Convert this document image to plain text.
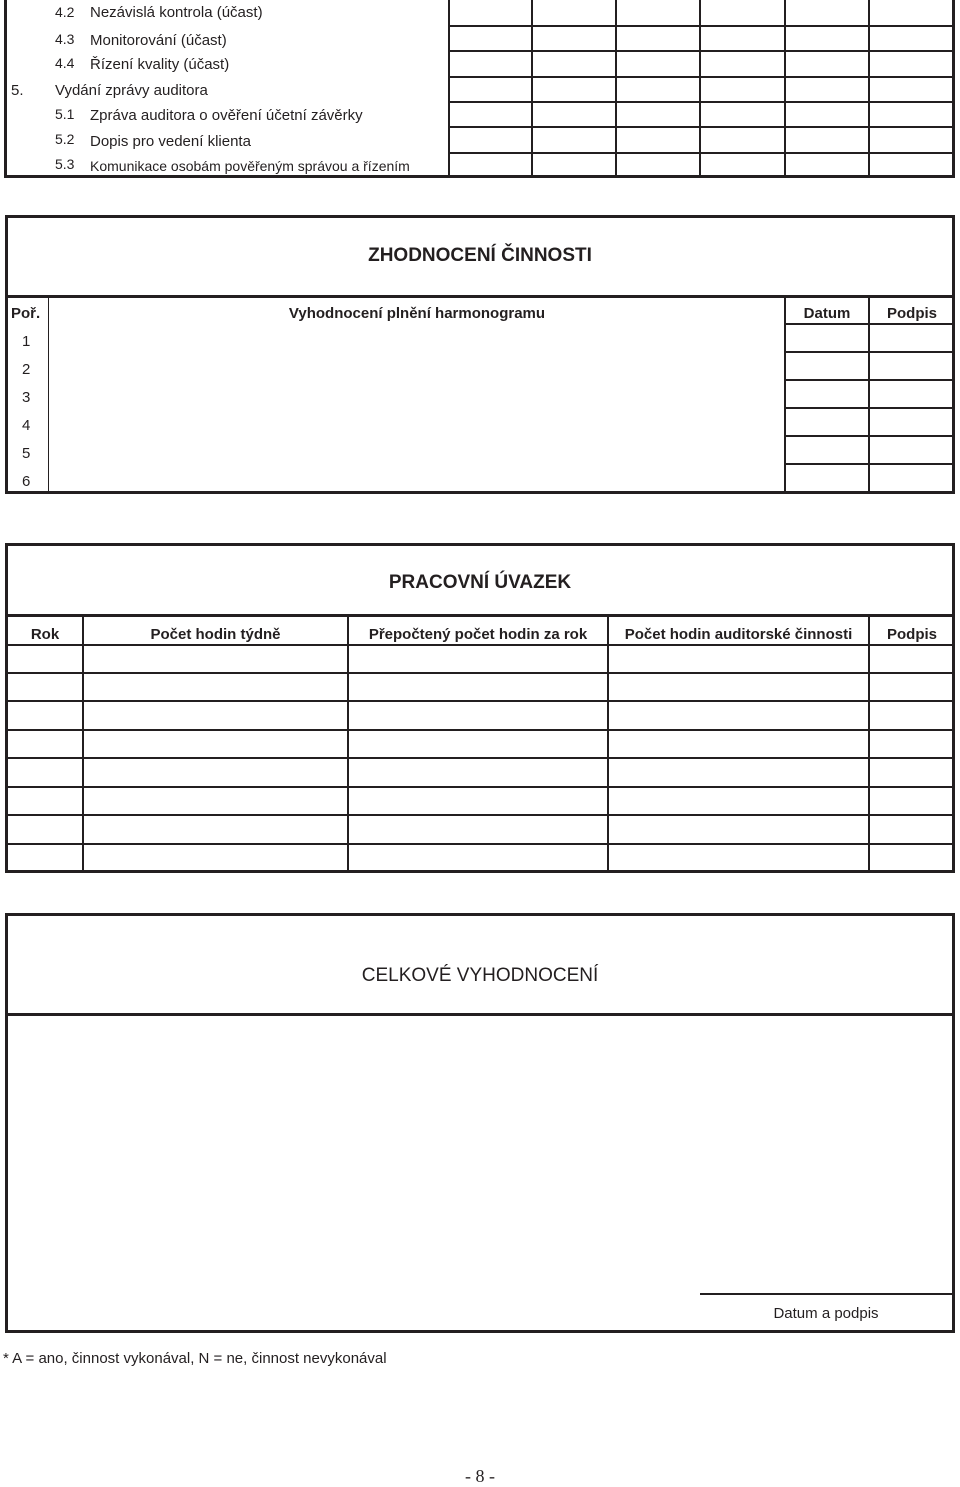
4.2 Nezávislá kontrola (účast)
4.3 Monitorování (účast)
4.4 Řízení kvality (účast)
5. Vydání zprávy auditora
5.1 Zpráva auditora o ověření účetní závěrky
5.2 Dopis pro vedení klienta
5.3 Komunikace osobám pověřeným správou a řízením
ZHODNOCENÍ ČINNOSTI
Poř.	Vyhodnocení plnění harmonogramu	Datum	Podpis
1
2
3
4
5
6
PRACOVNÍ ÚVAZEK
Rok	Počet hodin týdně	Přepočtený počet hodin za rok	Počet hodin auditorské činnosti	Podpis
CELKOVÉ VYHODNOCENÍ
Datum a podpis
* A = ano, činnost vykonával, N = ne, činnost nevykonával
- 8 -
